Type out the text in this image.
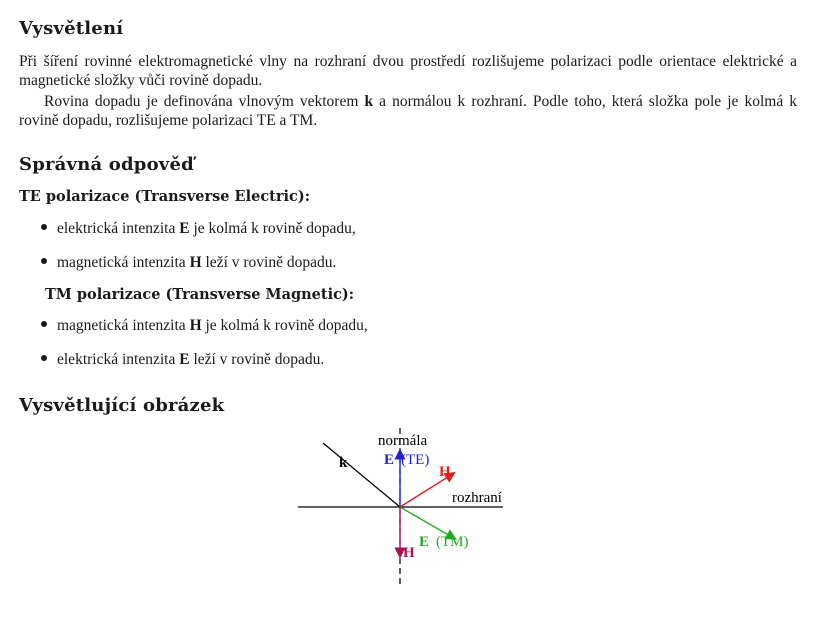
Vysvětlení

Při šíření rovinné elektromagnetické vlny na rozhraní dvou prostředí rozlišujeme polarizaci podle orientace elektrické a magnetické složky vůči rovině dopadu.

Rovina dopadu je definována vlnovým vektorem k a normálou k rozhraní. Podle toho, která složka pole je kolmá k rovině dopadu, rozlišujeme polarizaci TE a TM.

Správná odpověď
TE polarizace (Transverse Electric):
elektrická intenzita E je kolmá k rovině dopadu,
magnetická intenzita H leží v rovině dopadu.
TM polarizace (Transverse Magnetic):
magnetická intenzita H je kolmá k rovině dopadu,
elektrická intenzita E leží v rovině dopadu.
Vysvětlující obrázek
normála
rozhraní
k E (TE)
H
E (TM)
H
